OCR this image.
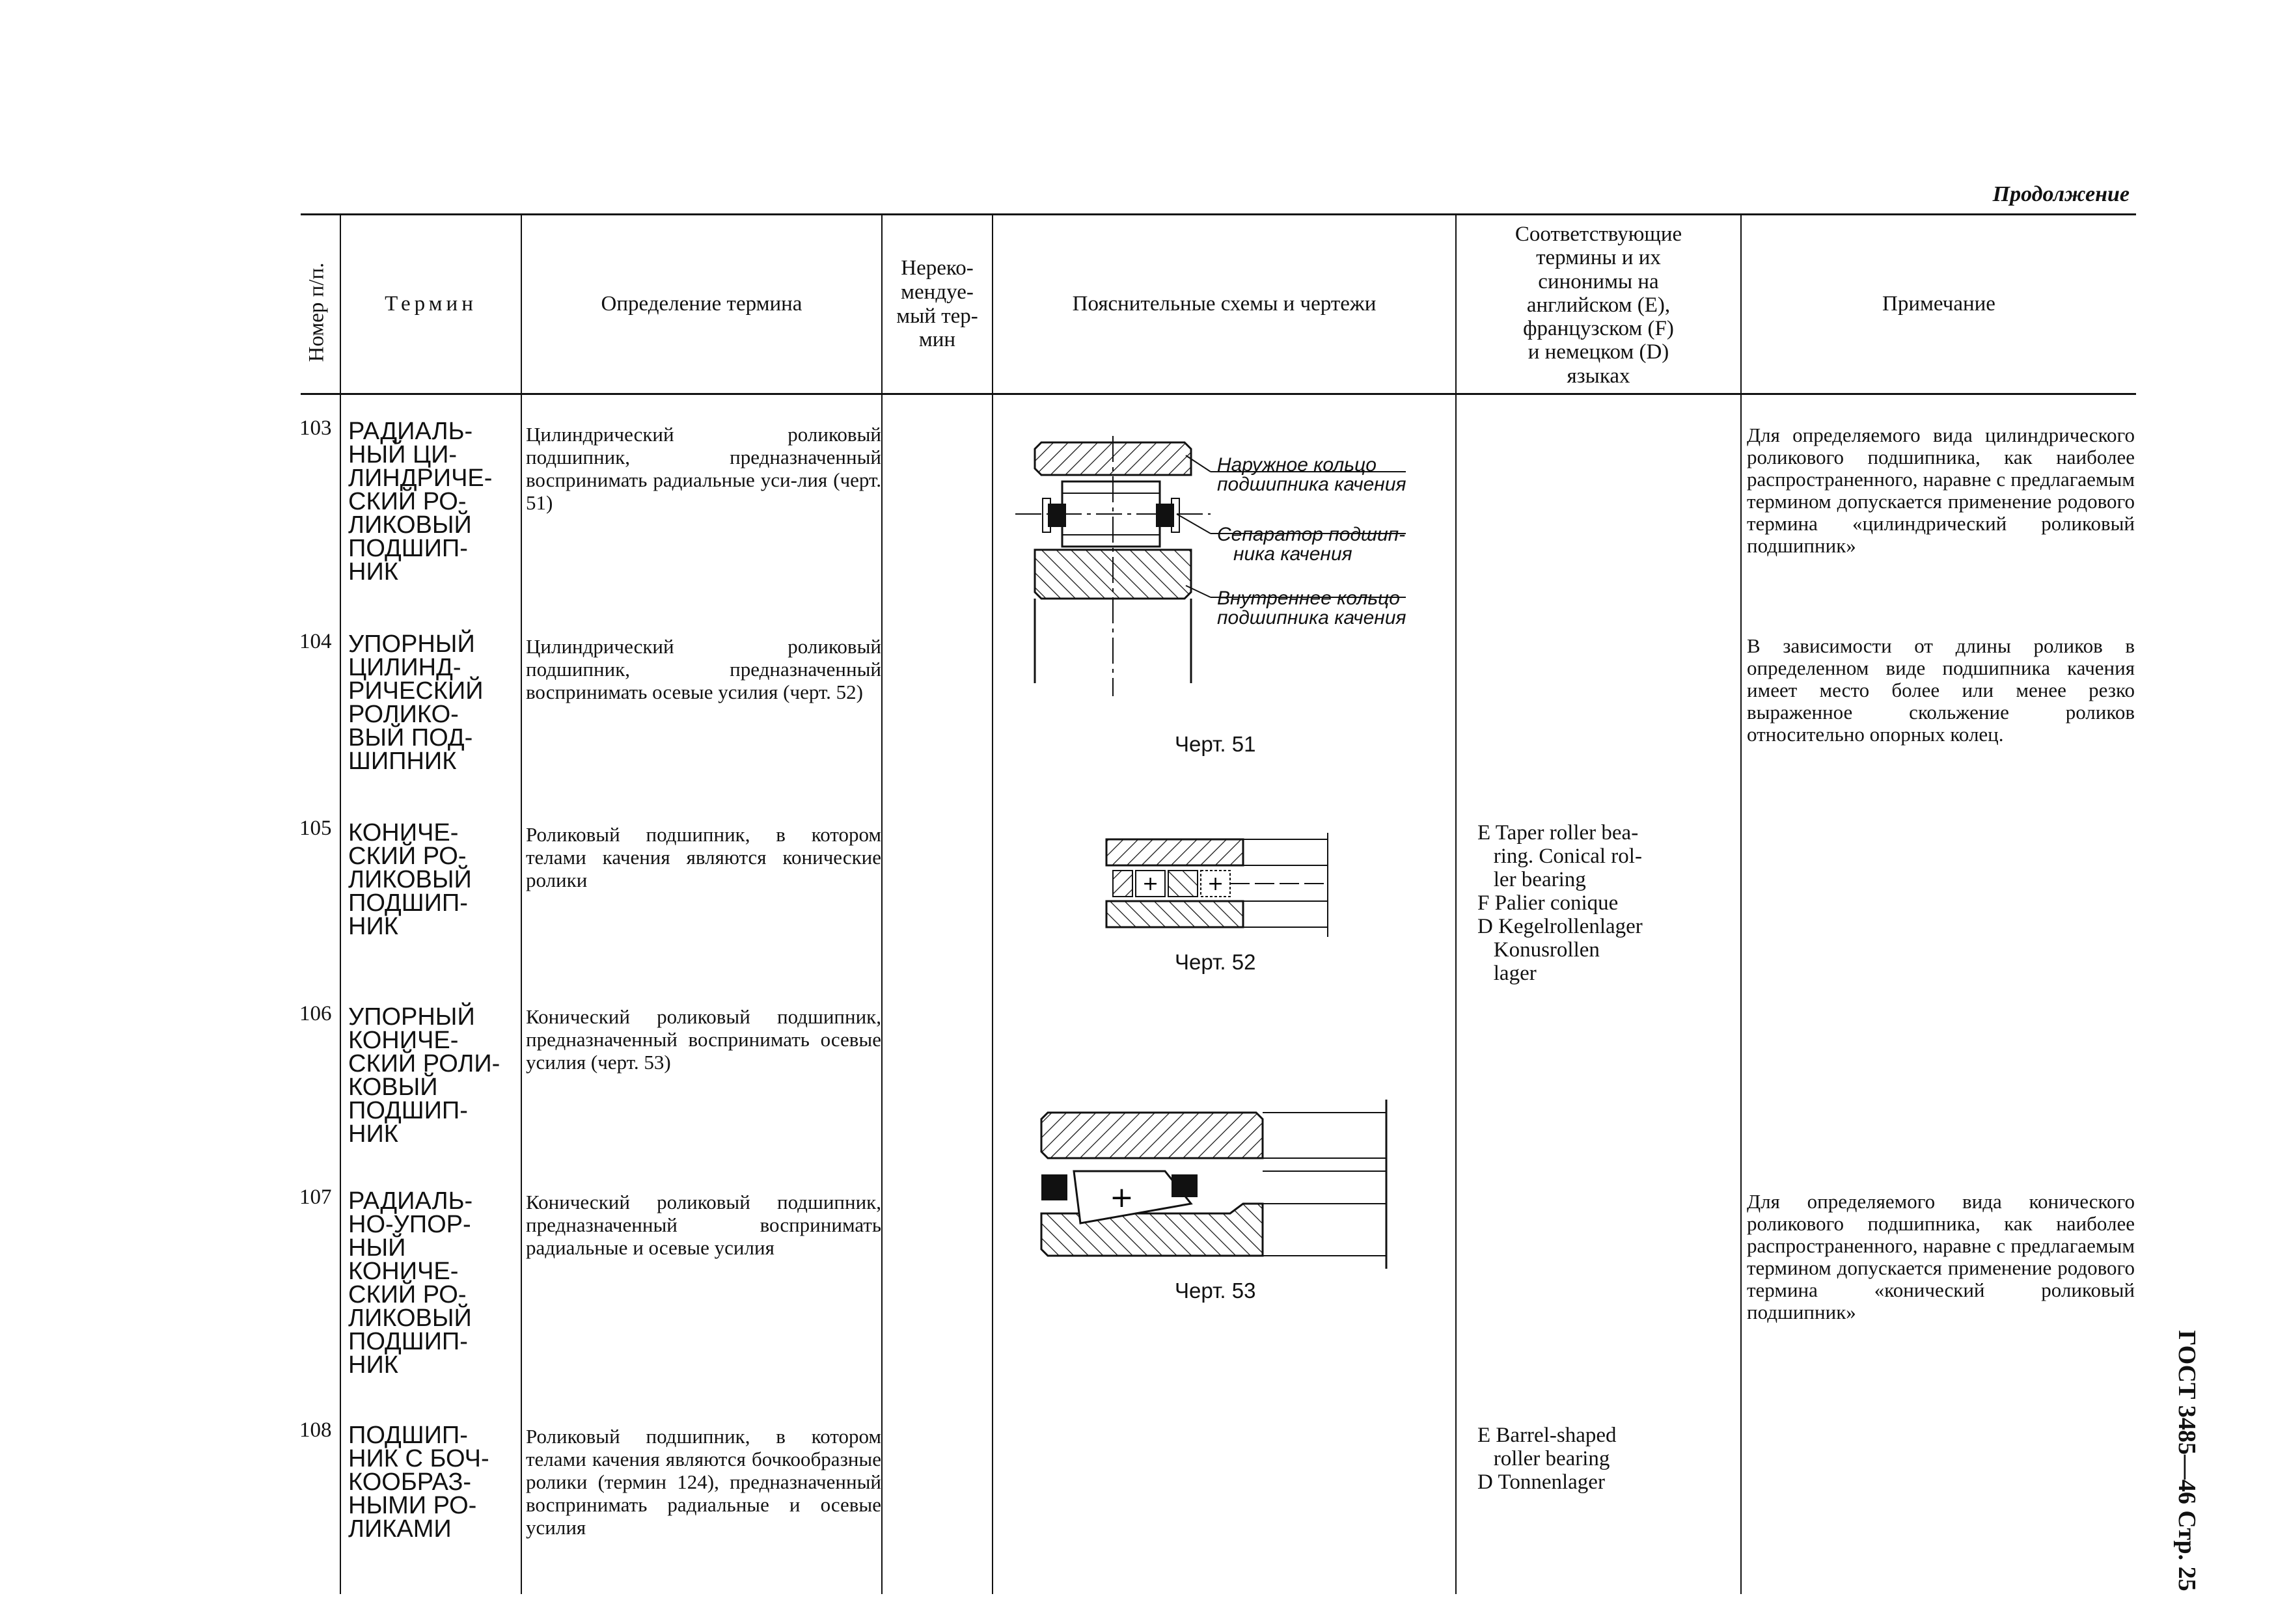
Продолжение
Номер п/п.	Термин	Определение термина
Нереко-
мендуе-
мый тер-
мин
Пояснительные схемы и чертежи
Соответствующие
термины и их
синонимы на
английском (E),
французском (F)
и немецком (D)
языках
Примечание
103 РАДИАЛЬ-
НЫЙ ЦИ-
ЛИНДРИЧЕ-
СКИЙ РО-
ЛИКОВЫЙ
ПОДШИП-
НИК
Цилиндрический роликовый подшипник, предназначенный воспринимать радиальные уси-лия (черт. 51)
Для определяемого вида цилиндрического роликового подшипника, как наиболее распространенного, наравне с предлагаемым термином допускается применение родового термина «цилиндрический роликовый подшипник»
104 УПОРНЫЙ
ЦИЛИНД-
РИЧЕСКИЙ
РОЛИКО-
ВЫЙ ПОД-
ШИПНИК
Цилиндрический роликовый подшипник, предназначенный воспринимать осевые усилия (черт. 52)
В зависимости от длины роликов в определенном виде подшипника качения имеет место более или менее резко выраженное скольжение роликов относительно опорных колец.
105 КОНИЧЕ-
СКИЙ РО-
ЛИКОВЫЙ
ПОДШИП-
НИК
Роликовый подшипник, в котором телами качения являются конические ролики
E Taper roller bea-
ring. Conical rol-
ler bearing
F Palier conique
D Kegelrollenlager
Konusrollen
lager
106 УПОРНЫЙ
КОНИЧЕ-
СКИЙ РОЛИ-
КОВЫЙ
ПОДШИП-
НИК
Конический роликовый подшипник, предназначенный воспринимать осевые усилия (черт. 53)
107 РАДИАЛЬ-
НО-УПОР-
НЫЙ
КОНИЧЕ-
СКИЙ РО-
ЛИКОВЫЙ
ПОДШИП-
НИК
Конический роликовый подшипник, предназначенный воспринимать радиальные и осевые усилия
Для определяемого вида конического роликового подшипника, как наиболее распространенного, наравне с предлагаемым термином допускается применение родового термина «конический роликовый подшипник»
108 ПОДШИП-
НИК С БОЧ-
КООБРАЗ-
НЫМИ РО-
ЛИКАМИ
Роликовый подшипник, в котором телами качения являются бочкообразные ролики (термин 124), предназначенный воспринимать радиальные и осевые усилия
E Barrel-shaped
roller bearing
D Tonnenlager
Наружное кольцо
подшипника качения
Сепаратор подшип-
ника качения
Внутреннее кольцо
подшипника качения
Черт. 51
+ +
Черт. 52
+
Черт. 53
ГОСТ 3485—46 Стр. 25
